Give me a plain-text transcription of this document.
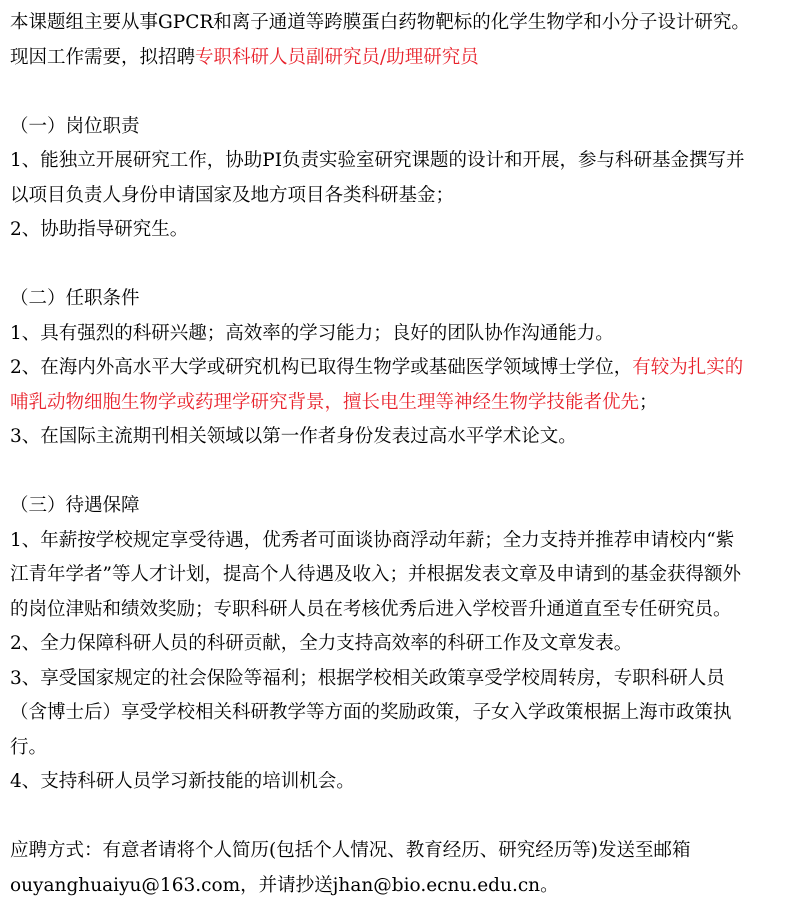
本课题组主要从事GPCR和离子通道等跨膜蛋白药物靶标的化学生物学和小分子设计研究。
现因工作需要，拟招聘专职科研人员副研究员/助理研究员
（一）岗位职责
1、能独立开展研究工作，协助PI负责实验室研究课题的设计和开展，参与科研基金撰写并
以项目负责人身份申请国家及地方项目各类科研基金；
2、协助指导研究生。
（二）任职条件
1、具有强烈的科研兴趣；高效率的学习能力；良好的团队协作沟通能力。
2、在海内外高水平大学或研究机构已取得生物学或基础医学领域博士学位，有较为扎实的
哺乳动物细胞生物学或药理学研究背景，擅长电生理等神经生物学技能者优先；
3、在国际主流期刊相关领域以第一作者身份发表过高水平学术论文。
（三）待遇保障
1、年薪按学校规定享受待遇，优秀者可面谈协商浮动年薪；全力支持并推荐申请校内“紫
江青年学者”等人才计划，提高个人待遇及收入；并根据发表文章及申请到的基金获得额外
的岗位津贴和绩效奖励；专职科研人员在考核优秀后进入学校晋升通道直至专任研究员。
2、全力保障科研人员的科研贡献，全力支持高效率的科研工作及文章发表。
3、享受国家规定的社会保险等福利；根据学校相关政策享受学校周转房，专职科研人员
（含博士后）享受学校相关科研教学等方面的奖励政策，子女入学政策根据上海市政策执
行。
4、支持科研人员学习新技能的培训机会。
应聘方式：有意者请将个人简历(包括个人情况、教育经历、研究经历等)发送至邮箱
ouyanghuaiyu@163.com，并请抄送jhan@bio.ecnu.edu.cn。
